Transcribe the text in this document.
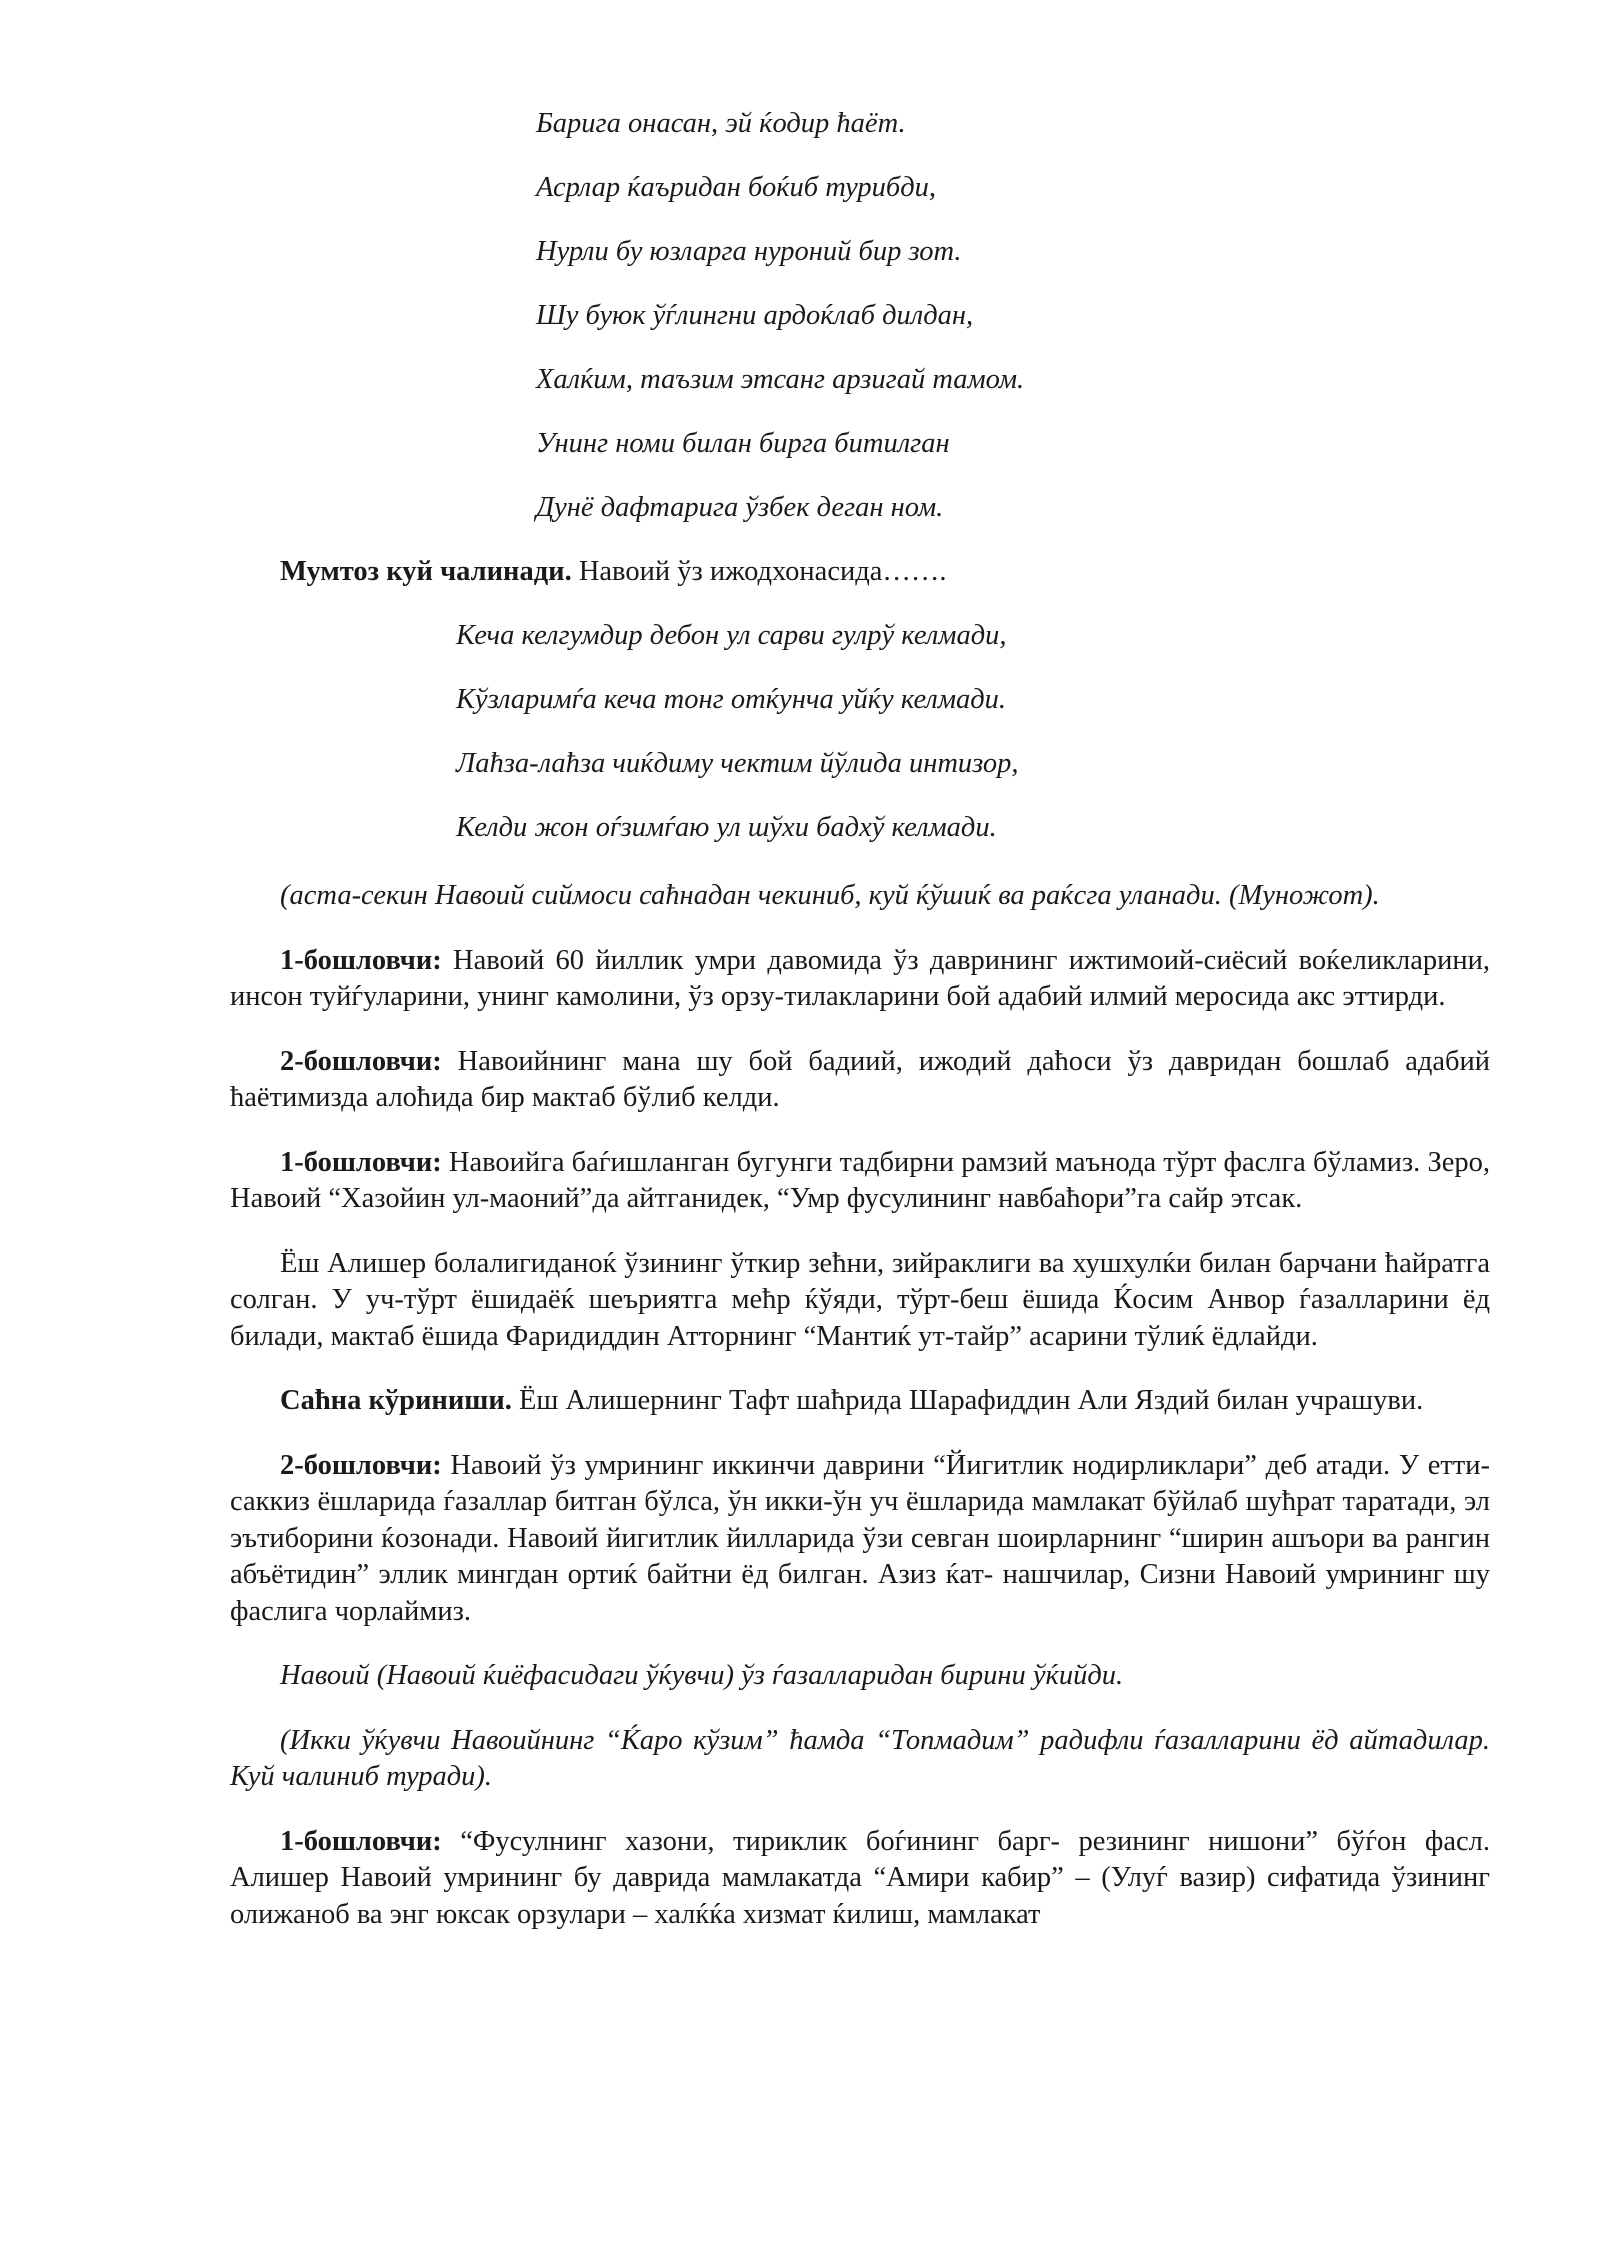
Барига онасан, эй ќодир ћаёт.
Асрлар ќаъридан боќиб турибди,
Нурли бу юзларга нуроний бир зот.
Шу буюк ўѓлингни ардоќлаб дилдан,
Халќим, таъзим этсанг арзигай тамом.
Унинг номи билан бирга битилган
Дунё дафтарига ўзбек деган ном.

Мумтоз куй чалинади. Навоий ўз ижодхонасида…….

Кеча келгумдир дебон ул сарви гулрў келмади,
Кўзларимѓа кеча тонг отќунча уйќу келмади.
Лаћза-лаћза чиќдиму чектим йўлида интизор,
Келди жон оѓзимѓаю ул шўхи бадхў келмади.

(аста-секин Навоий сиймоси саћнадан чекиниб, куй ќўшиќ ва раќсга уланади. (Муножот).

1-бошловчи: Навоий 60 йиллик умри давомида ўз даврининг ижтимоий-сиёсий воќеликларини, инсон туйѓуларини, унинг камолини, ўз орзу-тилакларини бой адабий илмий меросида акс эттирди.

2-бошловчи: Навоийнинг мана шу бой бадиий, ижодий даћоси ўз давридан бошлаб адабий ћаётимизда алоћида бир мактаб бўлиб келди.

1-бошловчи: Навоийга баѓишланган бугунги тадбирни рамзий маънода тўрт фаслга бўламиз. Зеро, Навоий “Хазойин ул-маоний”да айтганидек, “Умр фусулининг навбаћори”га сайр этсак.

Ёш Алишер болалигиданоќ ўзининг ўткир зећни, зийраклиги ва хушхулќи билан барчани ћайратга солган. У уч-тўрт ёшидаёќ шеъриятга мећр ќўяди, тўрт-беш ёшида Ќосим Анвор ѓазалларини ёд билади, мактаб ёшида Фаридиддин Атторнинг “Мантиќ ут-тайр” асарини тўлиќ ёдлайди.

Саћна кўриниши. Ёш Алишернинг Тафт шаћрида Шарафиддин Али Яздий билан учрашуви.

2-бошловчи: Навоий ўз умрининг иккинчи даврини “Йигитлик нодирликлари” деб атади. У етти-саккиз ёшларида ѓазаллар битган бўлса, ўн икки-ўн уч ёшларида мамлакат бўйлаб шућрат таратади, эл эътиборини ќозонади. Навоий йигитлик йилларида ўзи севган шоирларнинг “ширин ашъори ва рангин абъётидин” эллик мингдан ортиќ байтни ёд билган. Азиз ќат- нашчилар, Сизни Навоий умрининг шу фаслига чорлаймиз.

Навоий (Навоий ќиёфасидаги ўќувчи) ўз ѓазалларидан бирини ўќийди.

(Икки ўќувчи Навоийнинг “Ќаро кўзим” ћамда “Топмадим” радифли ѓазалларини ёд айтадилар. Куй чалиниб туради).

1-бошловчи: “Фусулнинг хазони, тириклик боѓининг барг- резининг нишони” бўѓон фасл. Алишер Навоий умрининг бу даврида мамлакатда “Амири кабир” – (Улуѓ вазир) сифатида ўзининг олижаноб ва энг юксак орзулари – халќќа хизмат ќилиш, мамлакат
